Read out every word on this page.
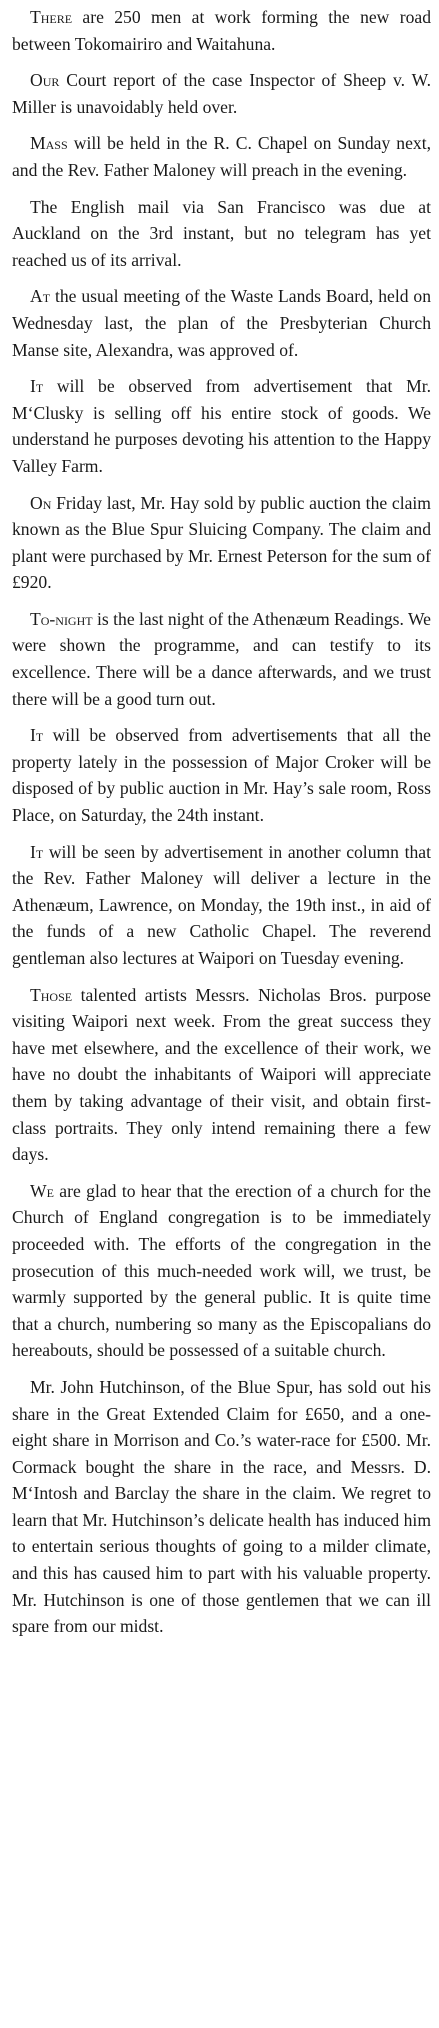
There are 250 men at work forming the new road between Tokomairiro and Waitahuna.

Our Court report of the case Inspector of Sheep v. W. Miller is unavoidably held over.

Mass will be held in the R. C. Chapel on Sunday next, and the Rev. Father Maloney will preach in the evening.

The English mail via San Francisco was due at Auckland on the 3rd instant, but no telegram has yet reached us of its arrival.

At the usual meeting of the Waste Lands Board, held on Wednesday last, the plan of the Presbyterian Church Manse site, Alexandra, was approved of.

It will be observed from advertisement that Mr. M‘Clusky is selling off his entire stock of goods. We understand he purposes devoting his attention to the Happy Valley Farm.

On Friday last, Mr. Hay sold by public auction the claim known as the Blue Spur Sluicing Company. The claim and plant were purchased by Mr. Ernest Peterson for the sum of £920.

To-night is the last night of the Athenæum Readings. We were shown the programme, and can testify to its excellence. There will be a dance afterwards, and we trust there will be a good turn out.

It will be observed from advertisements that all the property lately in the possession of Major Croker will be disposed of by public auction in Mr. Hay’s sale room, Ross Place, on Saturday, the 24th instant.

It will be seen by advertisement in another column that the Rev. Father Maloney will deliver a lecture in the Athenæum, Lawrence, on Monday, the 19th inst., in aid of the funds of a new Catholic Chapel. The reverend gentleman also lectures at Waipori on Tuesday evening.

Those talented artists Messrs. Nicholas Bros. purpose visiting Waipori next week. From the great success they have met elsewhere, and the excellence of their work, we have no doubt the inhabitants of Waipori will appreciate them by taking advantage of their visit, and obtain first-class portraits. They only intend remaining there a few days.

We are glad to hear that the erection of a church for the Church of England congregation is to be immediately proceeded with. The efforts of the congregation in the prosecution of this much-needed work will, we trust, be warmly supported by the general public. It is quite time that a church, numbering so many as the Episcopalians do hereabouts, should be possessed of a suitable church.

Mr. John Hutchinson, of the Blue Spur, has sold out his share in the Great Extended Claim for £650, and a one-eight share in Morrison and Co.’s water-race for £500. Mr. Cormack bought the share in the race, and Messrs. D. M‘Intosh and Barclay the share in the claim. We regret to learn that Mr. Hutchinson’s delicate health has induced him to entertain serious thoughts of going to a milder climate, and this has caused him to part with his valuable property. Mr. Hutchinson is one of those gentlemen that we can ill spare from our midst.
